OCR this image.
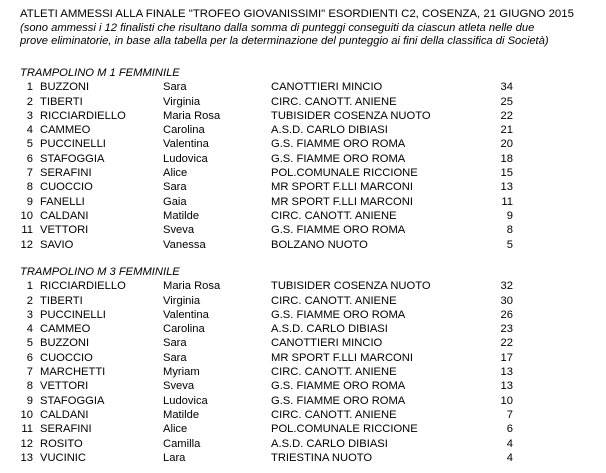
ATLETI AMMESSI ALLA FINALE "TROFEO GIOVANISSIMI" ESORDIENTI C2, COSENZA, 21 GIUGNO 2015
(sono ammessi i 12 finalisti che risultano dalla somma di punteggi conseguiti da ciascun atleta nelle due
prove eliminatorie, in base alla tabella per la determinazione del punteggio ai fini della classifica di Società)
TRAMPOLINO M 1 FEMMINILE
1 BUZZONI	Sara	CANOTTIERI MINCIO	34
2 TIBERTI	Virginia	CIRC. CANOTT. ANIENE	25
3 RICCIARDIELLO	Maria Rosa	TUBISIDER COSENZA NUOTO	22
4 CAMMEO	Carolina	A.S.D. CARLO DIBIASI	21
5 PUCCINELLI	Valentina	G.S. FIAMME ORO ROMA	20
6 STAFOGGIA	Ludovica	G.S. FIAMME ORO ROMA	18
7 SERAFINI	Alice	POL.COMUNALE RICCIONE	15
8 CUOCCIO	Sara	MR SPORT F.LLI MARCONI	13
9 FANELLI	Gaia	MR SPORT F.LLI MARCONI	11
10 CALDANI	Matilde	CIRC. CANOTT. ANIENE	9
11 VETTORI	Sveva	G.S. FIAMME ORO ROMA	8
12 SAVIO	Vanessa	BOLZANO NUOTO	5
TRAMPOLINO M 3 FEMMINILE
1 RICCIARDIELLO	Maria Rosa	TUBISIDER COSENZA NUOTO	32
2 TIBERTI	Virginia	CIRC. CANOTT. ANIENE	30
3 PUCCINELLI	Valentina	G.S. FIAMME ORO ROMA	26
4 CAMMEO	Carolina	A.S.D. CARLO DIBIASI	23
5 BUZZONI	Sara	CANOTTIERI MINCIO	22
6 CUOCCIO	Sara	MR SPORT F.LLI MARCONI	17
7 MARCHETTI	Myriam	CIRC. CANOTT. ANIENE	13
8 VETTORI	Sveva	G.S. FIAMME ORO ROMA	13
9 STAFOGGIA	Ludovica	G.S. FIAMME ORO ROMA	10
10 CALDANI	Matilde	CIRC. CANOTT. ANIENE	7
11 SERAFINI	Alice	POL.COMUNALE RICCIONE	6
12 ROSITO	Camilla	A.S.D. CARLO DIBIASI	4
13 VUCINIC	Lara	TRIESTINA NUOTO	4
